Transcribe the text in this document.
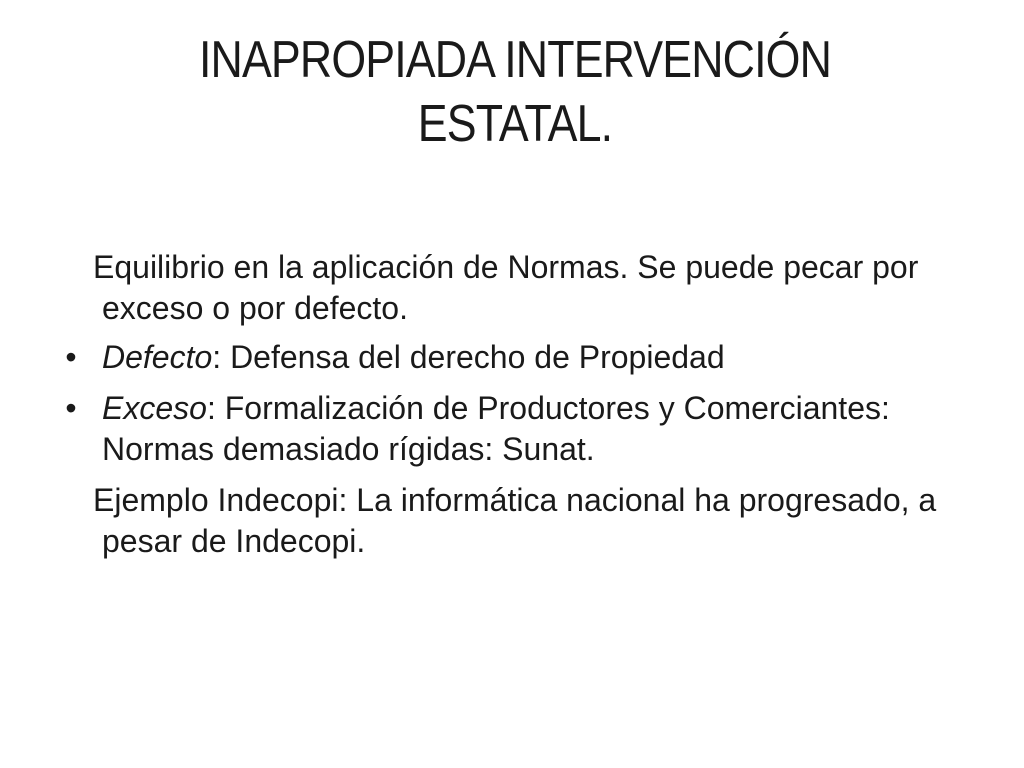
INAPROPIADA INTERVENCIÓN
ESTATAL.

Equilibrio en la aplicación de Normas. Se puede pecar por exceso o por defecto.

• Defecto: Defensa del derecho de Propiedad

• Exceso: Formalización de Productores y Comerciantes: Normas demasiado rígidas: Sunat.

Ejemplo Indecopi: La informática nacional ha progresado, a pesar de Indecopi.
